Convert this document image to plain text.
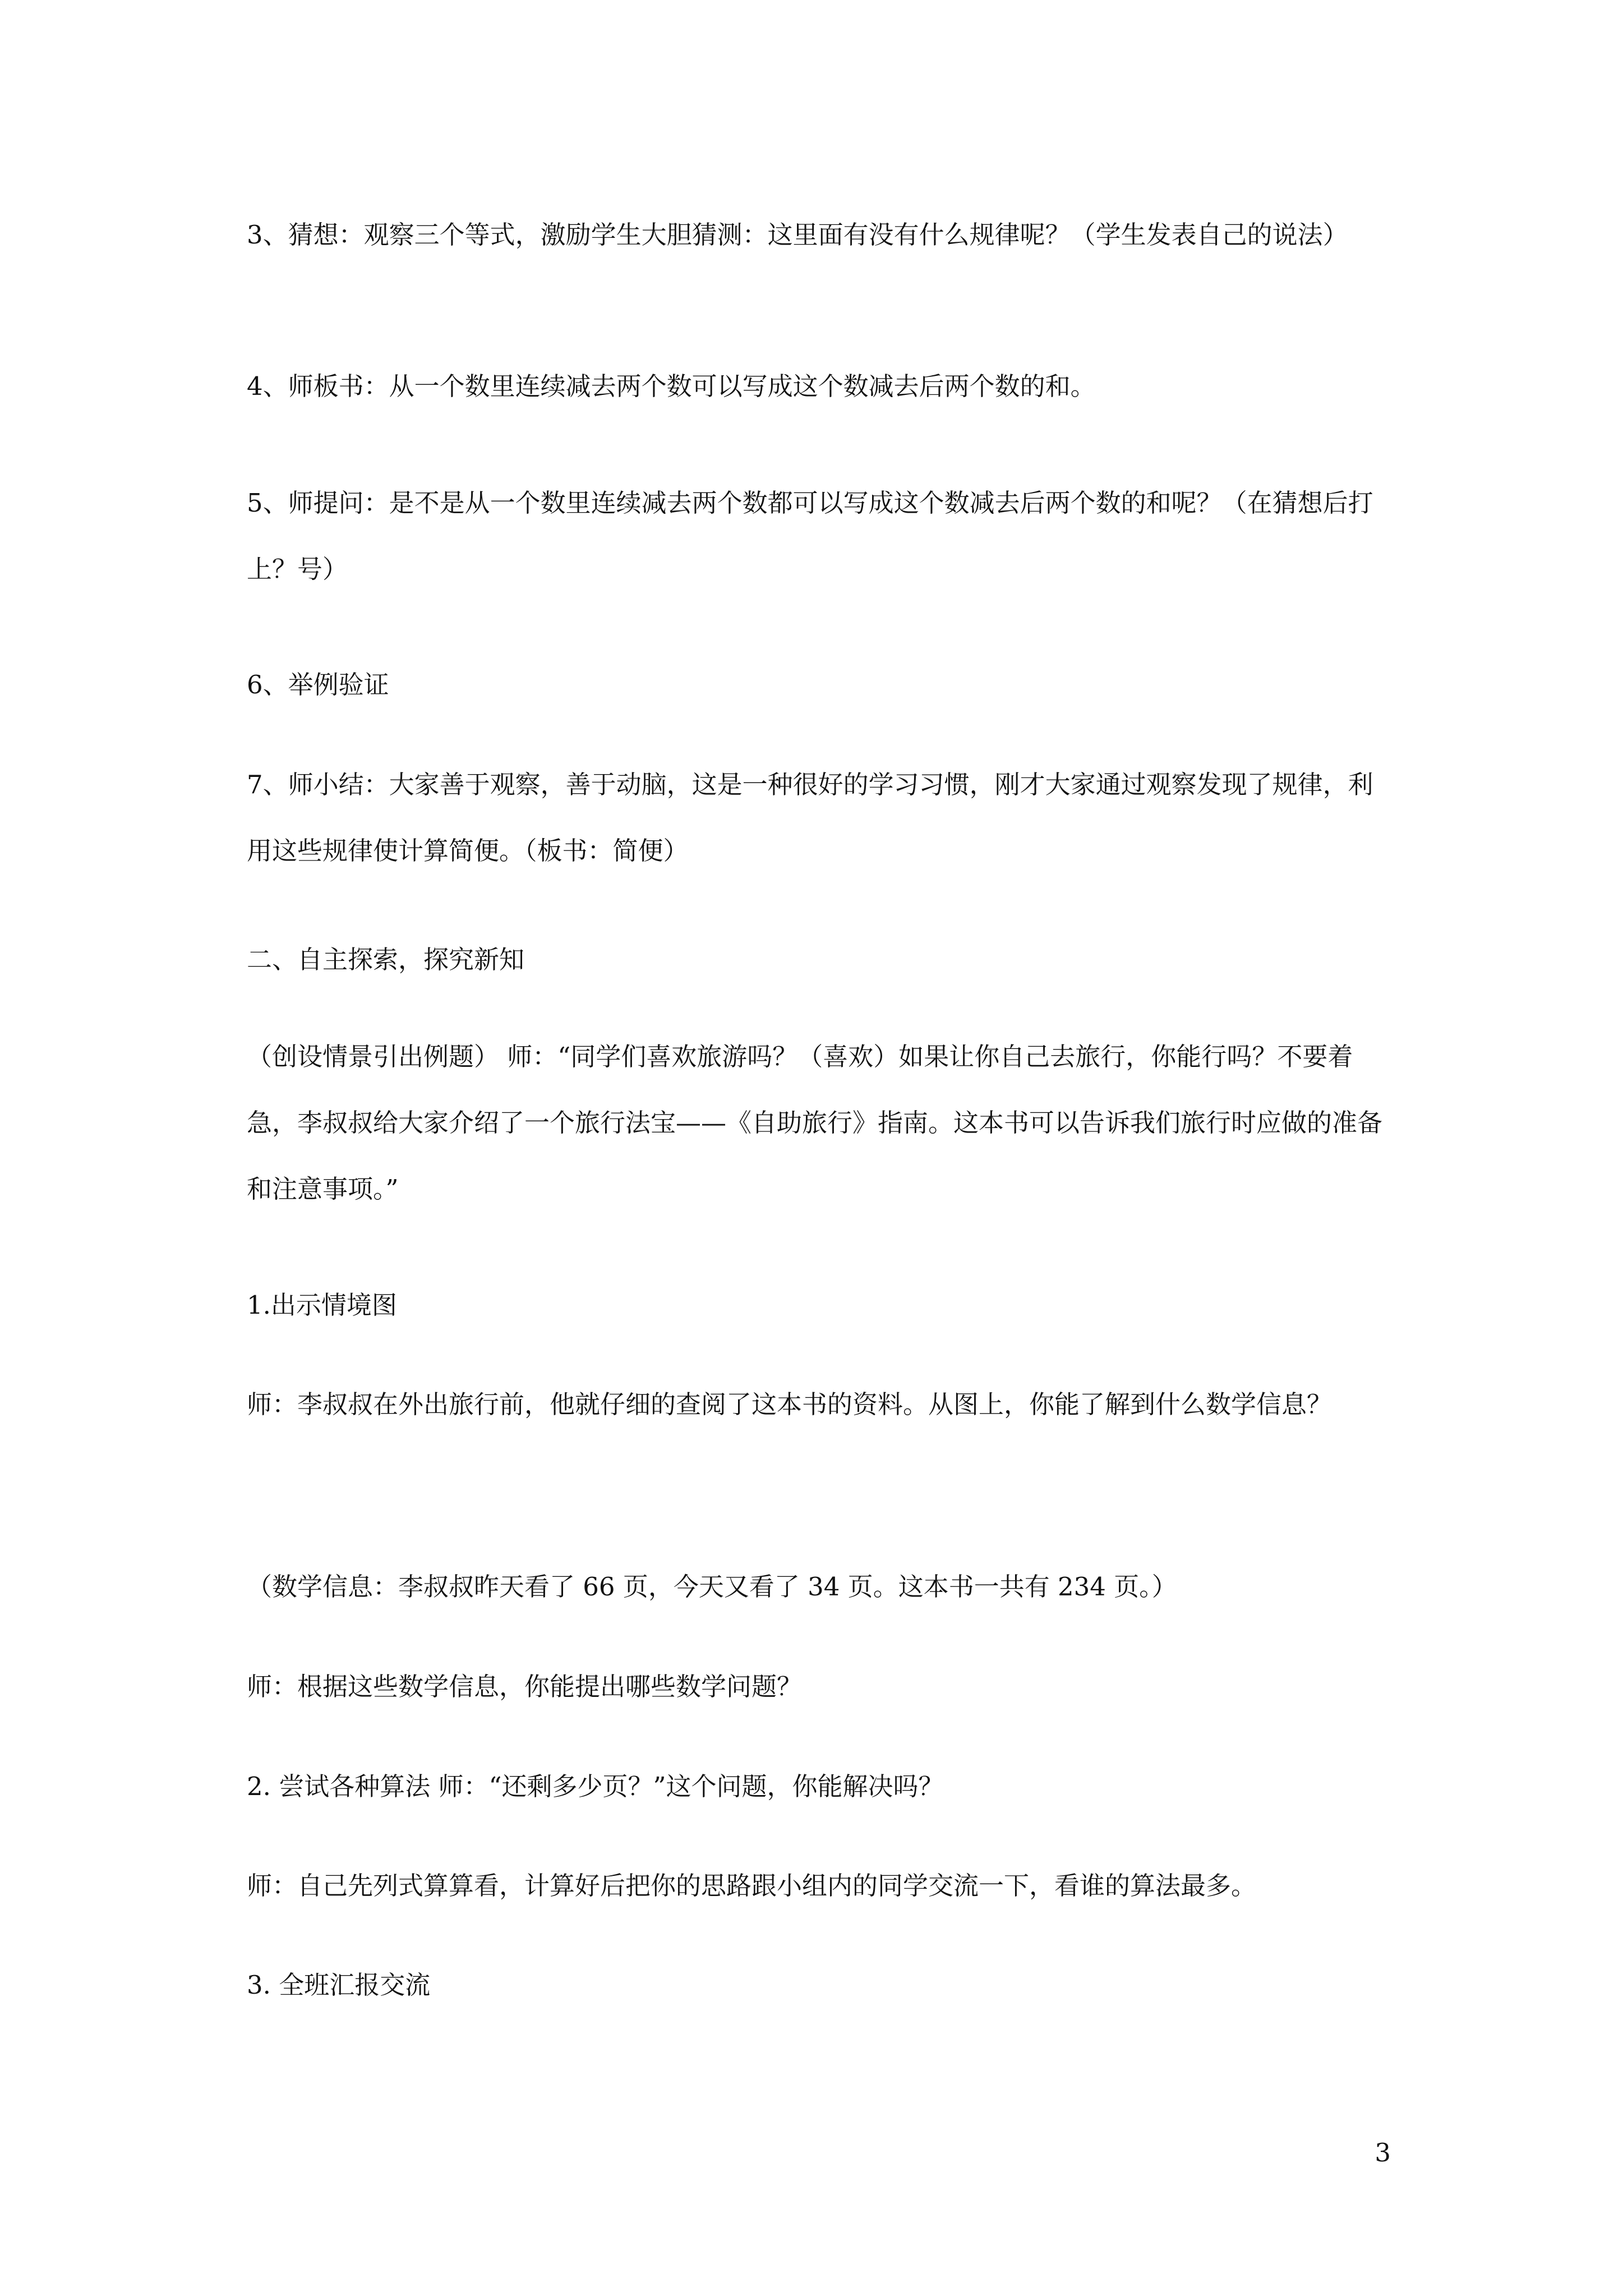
3、猜想：观察三个等式，激励学生大胆猜测：这里面有没有什么规律呢？（学生发表自己的说法）

4、师板书：从一个数里连续减去两个数可以写成这个数减去后两个数的和。

5、师提问：是不是从一个数里连续减去两个数都可以写成这个数减去后两个数的和呢？（在猜想后打上？号）

6、举例验证

7、师小结：大家善于观察，善于动脑，这是一种很好的学习习惯，刚才大家通过观察发现了规律，利用这些规律使计算简便。（板书：简便）

二、自主探索，探究新知

（创设情景引出例题） 师：“同学们喜欢旅游吗？（喜欢）如果让你自己去旅行，你能行吗？不要着急，李叔叔给大家介绍了一个旅行法宝——《自助旅行》指南。这本书可以告诉我们旅行时应做的准备和注意事项。”

1.出示情境图

师：李叔叔在外出旅行前，他就仔细的查阅了这本书的资料。从图上，你能了解到什么数学信息？

（数学信息：李叔叔昨天看了 66 页，今天又看了 34 页。这本书一共有 234 页。）

师：根据这些数学信息，你能提出哪些数学问题？

2. 尝试各种算法 师：“还剩多少页？”这个问题，你能解决吗？

师：自己先列式算算看，计算好后把你的思路跟小组内的同学交流一下，看谁的算法最多。

3. 全班汇报交流

3
